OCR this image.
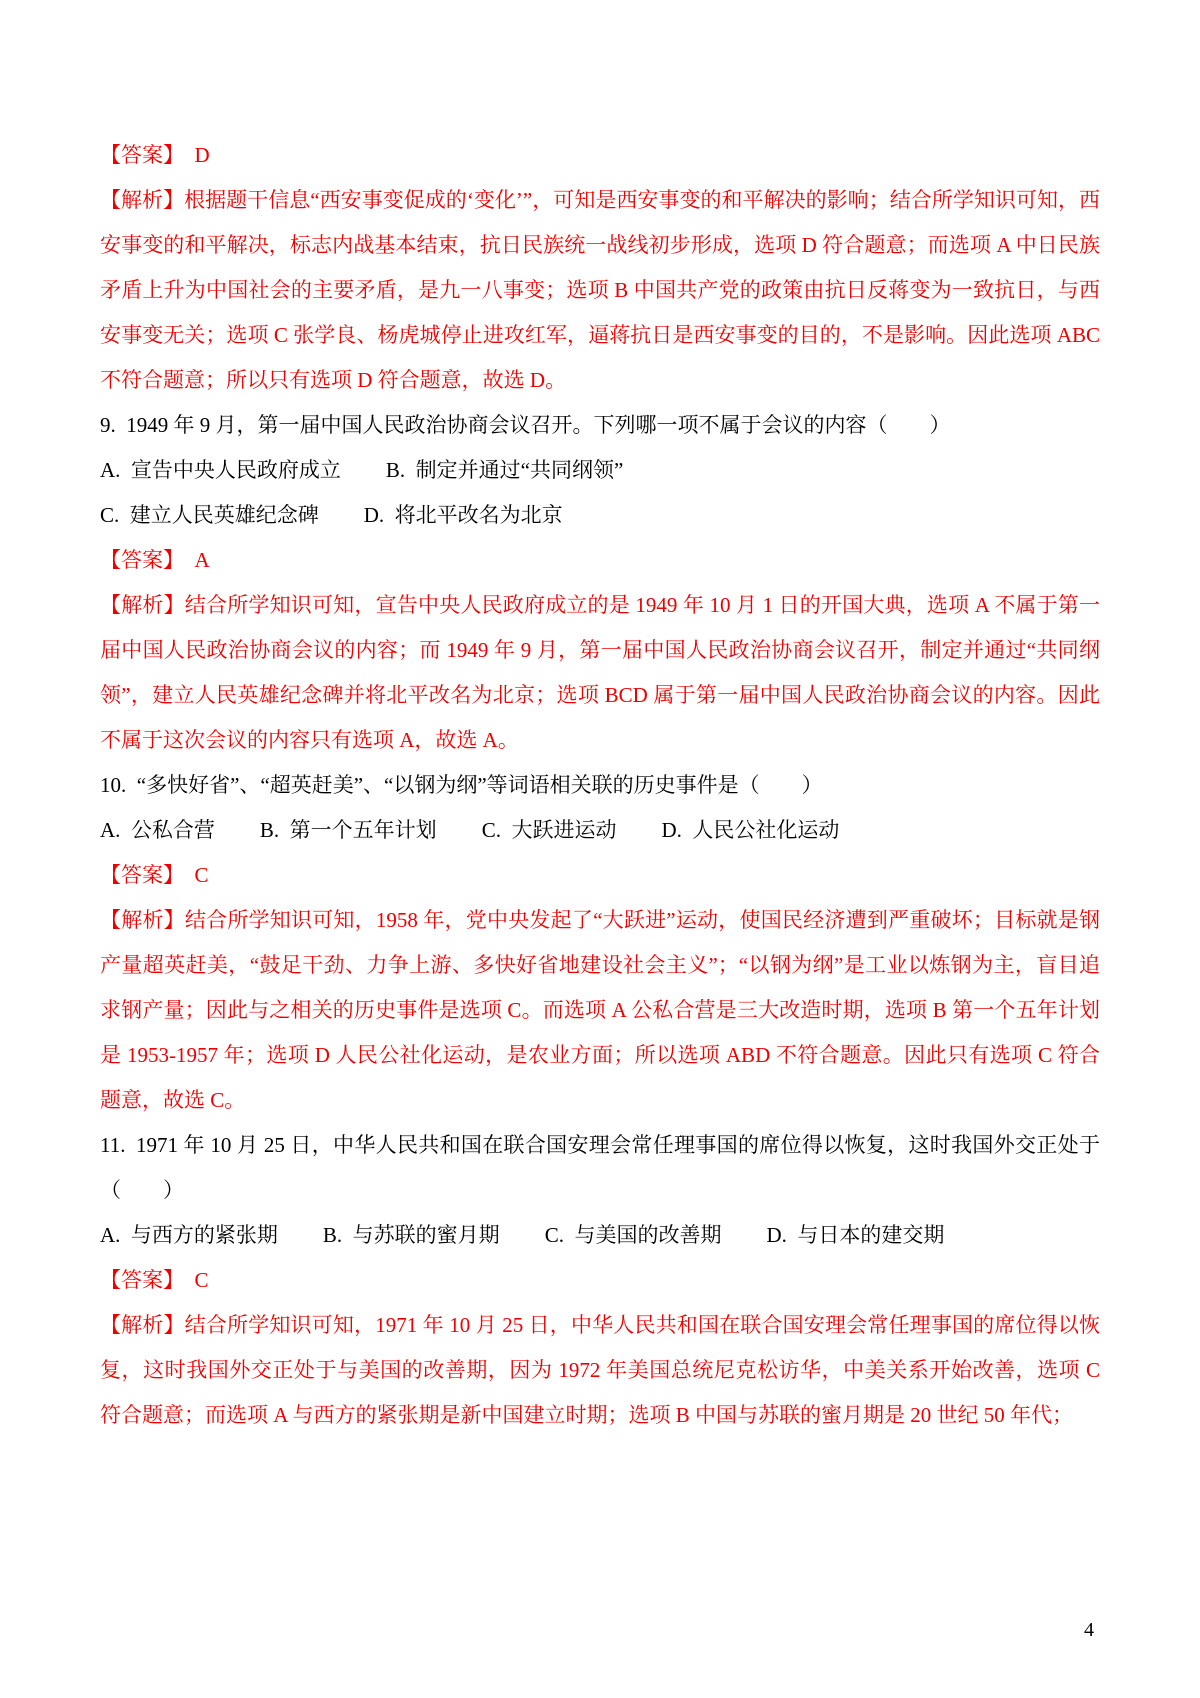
【答案】 D
【解析】根据题干信息“西安事变促成的‘变化’”，可知是西安事变的和平解决的影响；结合所学知识可知，西安事变的和平解决，标志内战基本结束，抗日民族统一战线初步形成，选项 D 符合题意；而选项 A 中日民族矛盾上升为中国社会的主要矛盾，是九一八事变；选项 B 中国共产党的政策由抗日反蒋变为一致抗日，与西安事变无关；选项 C 张学良、杨虎城停止进攻红军，逼蒋抗日是西安事变的目的，不是影响。因此选项 ABC 不符合题意；所以只有选项 D 符合题意，故选 D。
9. 1949 年 9 月，第一届中国人民政治协商会议召开。下列哪一项不属于会议的内容（　　）
A. 宣告中央人民政府成立 B. 制定并通过“共同纲领”
C. 建立人民英雄纪念碑 D. 将北平改名为北京
【答案】 A
【解析】结合所学知识可知，宣告中央人民政府成立的是 1949 年 10 月 1 日的开国大典，选项 A 不属于第一届中国人民政治协商会议的内容；而 1949 年 9 月，第一届中国人民政治协商会议召开，制定并通过“共同纲领”，建立人民英雄纪念碑并将北平改名为北京；选项 BCD 属于第一届中国人民政治协商会议的内容。因此不属于这次会议的内容只有选项 A，故选 A。
10. “多快好省”、“超英赶美”、“以钢为纲”等词语相关联的历史事件是（　　）
A. 公私合营 B. 第一个五年计划 C. 大跃进运动 D. 人民公社化运动
【答案】 C
【解析】结合所学知识可知，1958 年，党中央发起了“大跃进”运动，使国民经济遭到严重破坏；目标就是钢产量超英赶美，“鼓足干劲、力争上游、多快好省地建设社会主义”；“以钢为纲”是工业以炼钢为主，盲目追求钢产量；因此与之相关的历史事件是选项 C。而选项 A 公私合营是三大改造时期，选项 B 第一个五年计划是 1953-1957 年；选项 D 人民公社化运动，是农业方面；所以选项 ABD 不符合题意。因此只有选项 C 符合题意，故选 C。
11. 1971 年 10 月 25 日，中华人民共和国在联合国安理会常任理事国的席位得以恢复，这时我国外交正处于（　　）
A. 与西方的紧张期 B. 与苏联的蜜月期 C. 与美国的改善期 D. 与日本的建交期
【答案】 C
【解析】结合所学知识可知，1971 年 10 月 25 日，中华人民共和国在联合国安理会常任理事国的席位得以恢复，这时我国外交正处于与美国的改善期，因为 1972 年美国总统尼克松访华，中美关系开始改善，选项 C 符合题意；而选项 A 与西方的紧张期是新中国建立时期；选项 B 中国与苏联的蜜月期是 20 世纪 50 年代；
4
